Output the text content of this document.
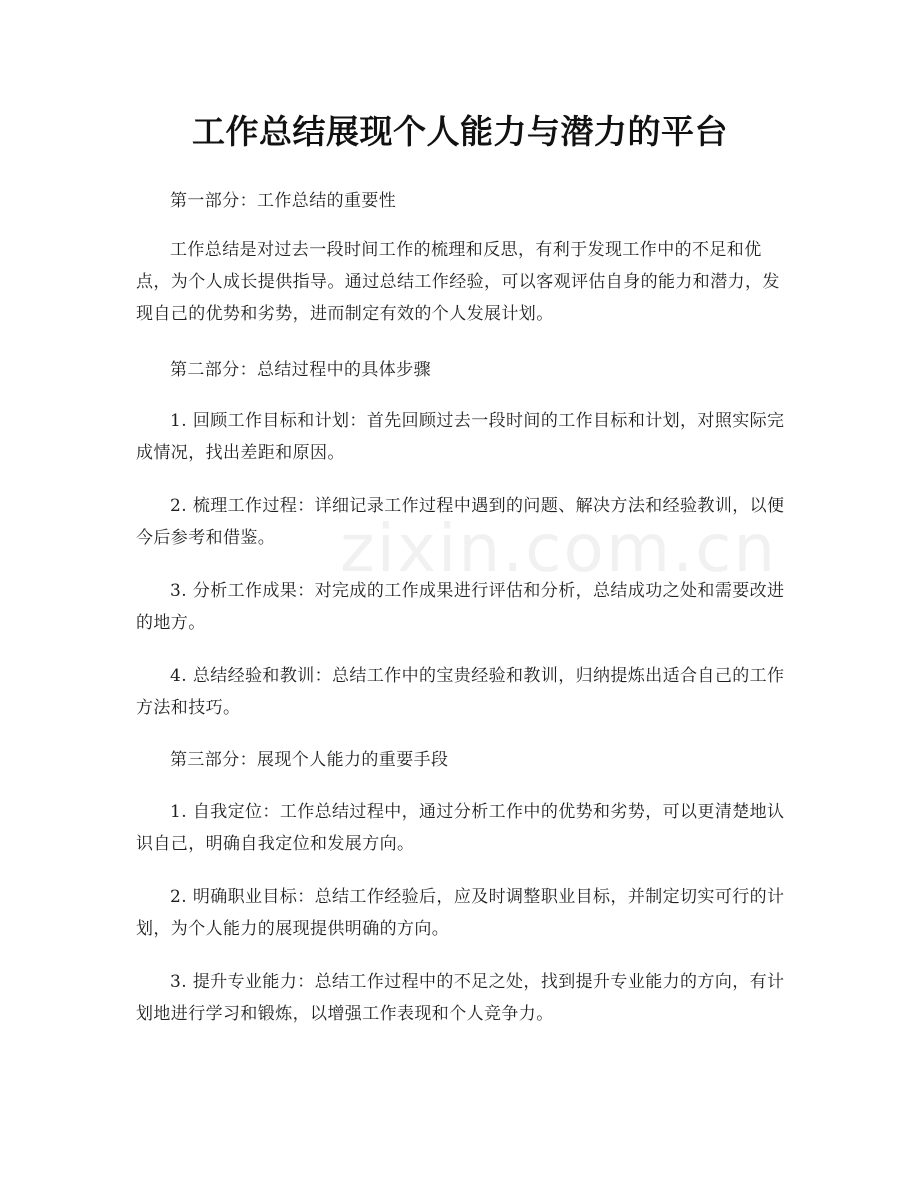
zixin.com.cn
工作总结展现个人能力与潜力的平台
第一部分：工作总结的重要性
工作总结是对过去一段时间工作的梳理和反思，有利于发现工作中的不足和优点，为个人成长提供指导。通过总结工作经验，可以客观评估自身的能力和潜力，发现自己的优势和劣势，进而制定有效的个人发展计划。
第二部分：总结过程中的具体步骤
1. 回顾工作目标和计划：首先回顾过去一段时间的工作目标和计划，对照实际完成情况，找出差距和原因。
2. 梳理工作过程：详细记录工作过程中遇到的问题、解决方法和经验教训，以便今后参考和借鉴。
3. 分析工作成果：对完成的工作成果进行评估和分析，总结成功之处和需要改进的地方。
4. 总结经验和教训：总结工作中的宝贵经验和教训，归纳提炼出适合自己的工作方法和技巧。
第三部分：展现个人能力的重要手段
1. 自我定位：工作总结过程中，通过分析工作中的优势和劣势，可以更清楚地认识自己，明确自我定位和发展方向。
2. 明确职业目标：总结工作经验后，应及时调整职业目标，并制定切实可行的计划，为个人能力的展现提供明确的方向。
3. 提升专业能力：总结工作过程中的不足之处，找到提升专业能力的方向，有计划地进行学习和锻炼，以增强工作表现和个人竞争力。
